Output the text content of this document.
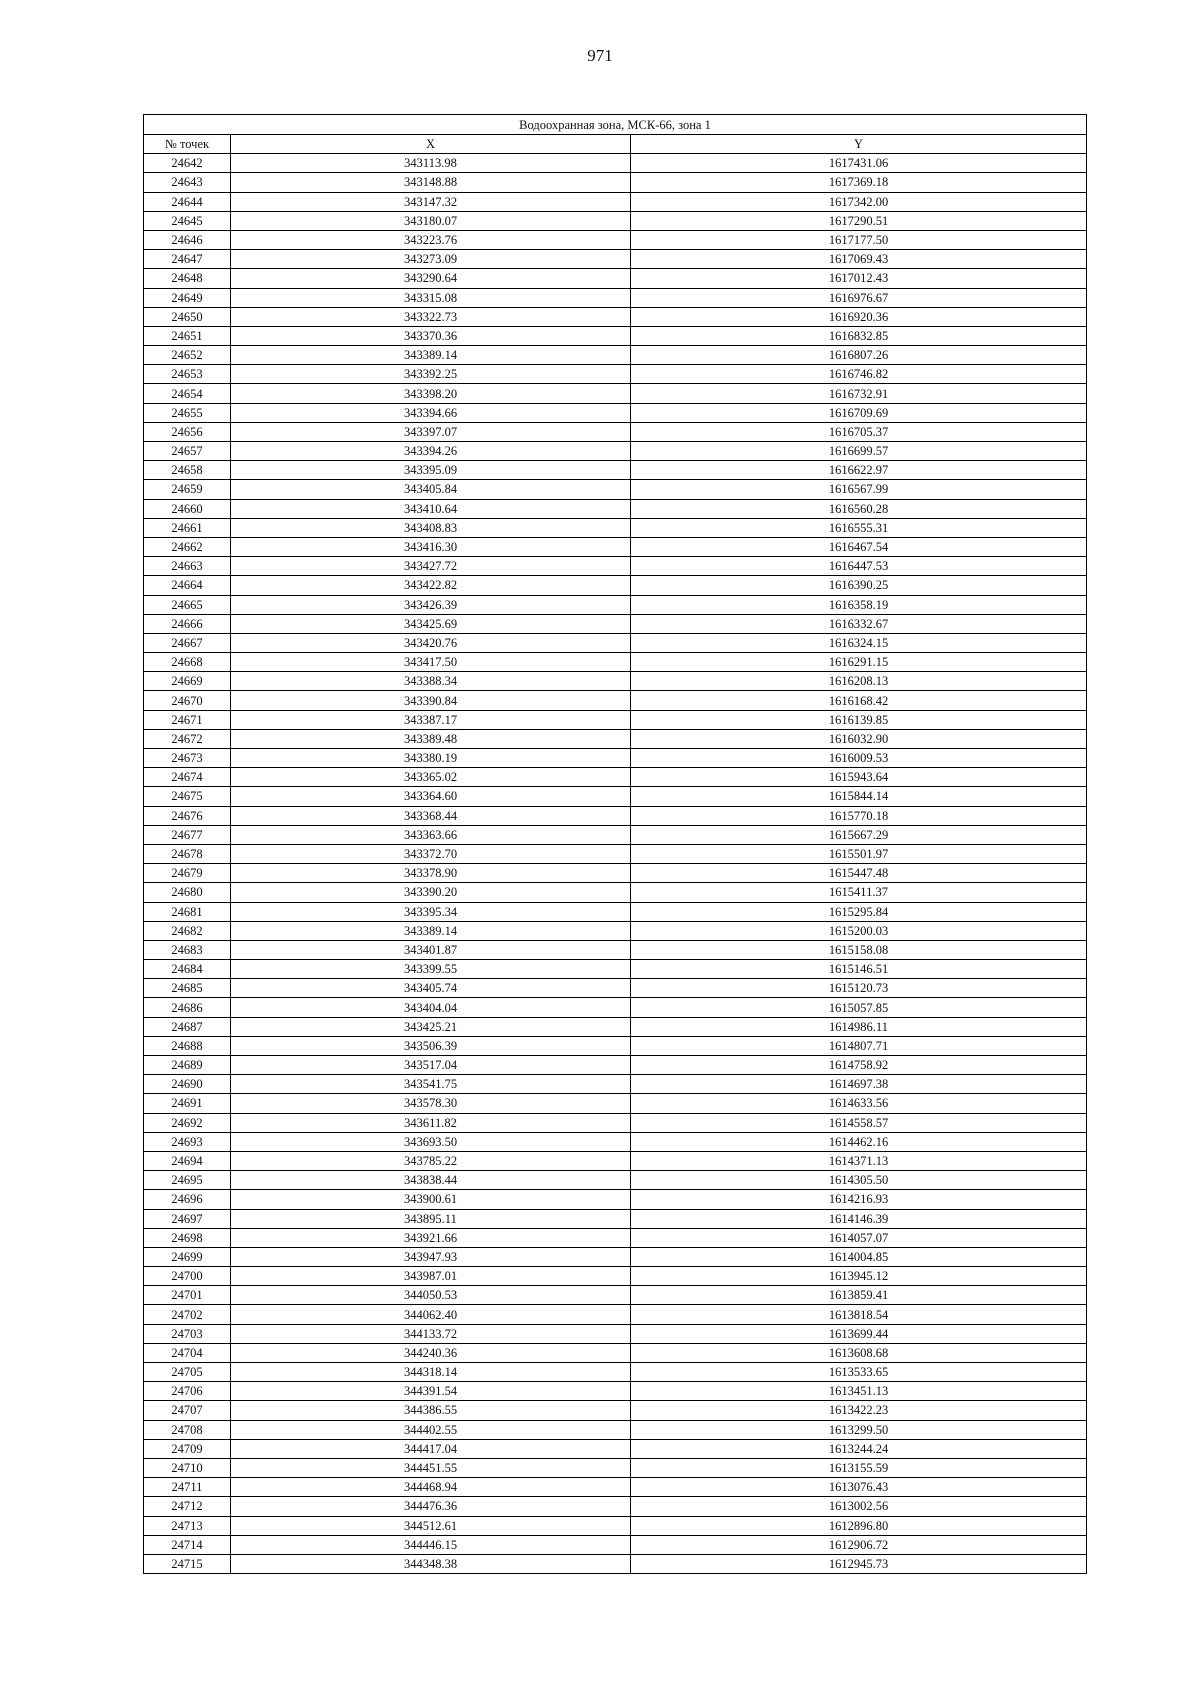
971
Водоохранная зона, МСК-66, зона 1		
№ точек	X	Y
24642	343113.98	1617431.06
24643	343148.88	1617369.18
24644	343147.32	1617342.00
24645	343180.07	1617290.51
24646	343223.76	1617177.50
24647	343273.09	1617069.43
24648	343290.64	1617012.43
24649	343315.08	1616976.67
24650	343322.73	1616920.36
24651	343370.36	1616832.85
24652	343389.14	1616807.26
24653	343392.25	1616746.82
24654	343398.20	1616732.91
24655	343394.66	1616709.69
24656	343397.07	1616705.37
24657	343394.26	1616699.57
24658	343395.09	1616622.97
24659	343405.84	1616567.99
24660	343410.64	1616560.28
24661	343408.83	1616555.31
24662	343416.30	1616467.54
24663	343427.72	1616447.53
24664	343422.82	1616390.25
24665	343426.39	1616358.19
24666	343425.69	1616332.67
24667	343420.76	1616324.15
24668	343417.50	1616291.15
24669	343388.34	1616208.13
24670	343390.84	1616168.42
24671	343387.17	1616139.85
24672	343389.48	1616032.90
24673	343380.19	1616009.53
24674	343365.02	1615943.64
24675	343364.60	1615844.14
24676	343368.44	1615770.18
24677	343363.66	1615667.29
24678	343372.70	1615501.97
24679	343378.90	1615447.48
24680	343390.20	1615411.37
24681	343395.34	1615295.84
24682	343389.14	1615200.03
24683	343401.87	1615158.08
24684	343399.55	1615146.51
24685	343405.74	1615120.73
24686	343404.04	1615057.85
24687	343425.21	1614986.11
24688	343506.39	1614807.71
24689	343517.04	1614758.92
24690	343541.75	1614697.38
24691	343578.30	1614633.56
24692	343611.82	1614558.57
24693	343693.50	1614462.16
24694	343785.22	1614371.13
24695	343838.44	1614305.50
24696	343900.61	1614216.93
24697	343895.11	1614146.39
24698	343921.66	1614057.07
24699	343947.93	1614004.85
24700	343987.01	1613945.12
24701	344050.53	1613859.41
24702	344062.40	1613818.54
24703	344133.72	1613699.44
24704	344240.36	1613608.68
24705	344318.14	1613533.65
24706	344391.54	1613451.13
24707	344386.55	1613422.23
24708	344402.55	1613299.50
24709	344417.04	1613244.24
24710	344451.55	1613155.59
24711	344468.94	1613076.43
24712	344476.36	1613002.56
24713	344512.61	1612896.80
24714	344446.15	1612906.72
24715	344348.38	1612945.73
